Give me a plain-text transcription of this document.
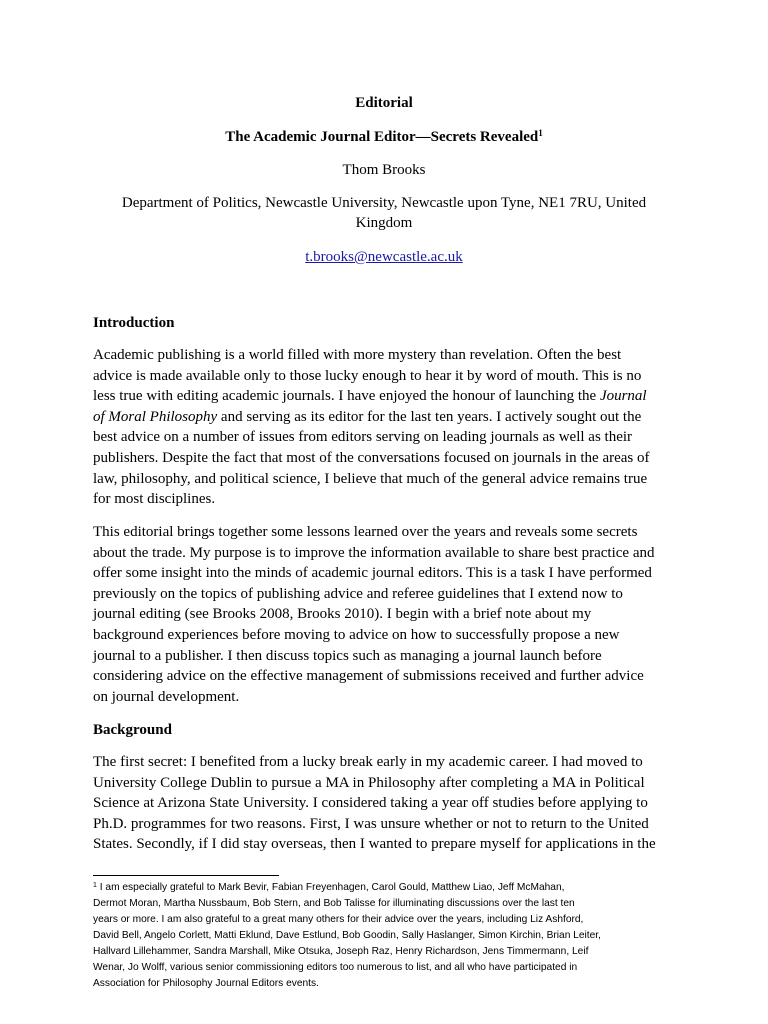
Editorial
The Academic Journal Editor—Secrets Revealed$^1$
Thom Brooks
Department of Politics, Newcastle University, Newcastle upon Tyne, NE1 7RU, United
Kingdom
t.brooks@newcastle.ac.uk
Introduction

Academic publishing is a world filled with more mystery than revelation. Often the best
advice is made available only to those lucky enough to hear it by word of mouth. This is no
less true with editing academic journals. I have enjoyed the honour of launching the Journal
of Moral Philosophy and serving as its editor for the last ten years. I actively sought out the
best advice on a number of issues from editors serving on leading journals as well as their
publishers. Despite the fact that most of the conversations focused on journals in the areas of
law, philosophy, and political science, I believe that much of the general advice remains true
for most disciplines.

This editorial brings together some lessons learned over the years and reveals some secrets
about the trade. My purpose is to improve the information available to share best practice and
offer some insight into the minds of academic journal editors. This is a task I have performed
previously on the topics of publishing advice and referee guidelines that I extend now to
journal editing (see Brooks 2008, Brooks 2010). I begin with a brief note about my
background experiences before moving to advice on how to successfully propose a new
journal to a publisher. I then discuss topics such as managing a journal launch before
considering advice on the effective management of submissions received and further advice
on journal development.

Background

The first secret: I benefited from a lucky break early in my academic career. I had moved to
University College Dublin to pursue a MA in Philosophy after completing a MA in Political
Science at Arizona State University. I considered taking a year off studies before applying to
Ph.D. programmes for two reasons. First, I was unsure whether or not to return to the United
States. Secondly, if I did stay overseas, then I wanted to prepare myself for applications in the

$^1$ I am especially grateful to Mark Bevir, Fabian Freyenhagen, Carol Gould, Matthew Liao, Jeff McMahan,
Dermot Moran, Martha Nussbaum, Bob Stern, and Bob Talisse for illuminating discussions over the last ten
years or more. I am also grateful to a great many others for their advice over the years, including Liz Ashford,
David Bell, Angelo Corlett, Matti Eklund, Dave Estlund, Bob Goodin, Sally Haslanger, Simon Kirchin, Brian Leiter,
Hallvard Lillehammer, Sandra Marshall, Mike Otsuka, Joseph Raz, Henry Richardson, Jens Timmermann, Leif
Wenar, Jo Wolff, various senior commissioning editors too numerous to list, and all who have participated in
Association for Philosophy Journal Editors events.
